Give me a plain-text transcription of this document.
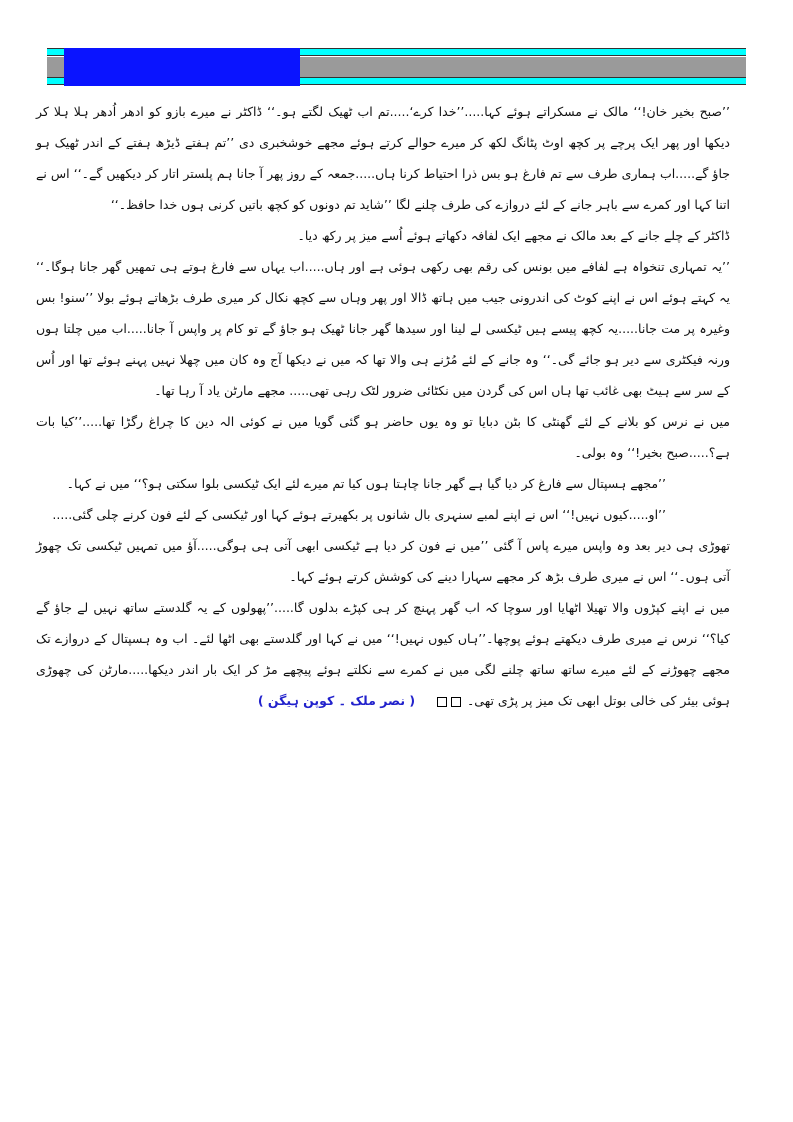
’’صبح بخیر خان!‘‘ مالک نے مسکراتے ہوئے کہا.....’’خدا کرے‘.....تم اب ٹھیک لگتے ہو۔‘‘ ڈاکٹر نے میرے بازو کو ادھر اُدھر ہلا ہلا کر دیکھا اور پھر ایک پرچے پر کچھ اوٹ پٹانگ لکھ کر میرے حوالے کرتے ہوئے مجھے خوشخبری دی ’’تم ہفتے ڈیڑھ ہفتے کے اندر ٹھیک ہو جاؤ گے.....اب ہماری طرف سے تم فارغ ہو بس ذرا احتیاط کرنا ہاں.....جمعہ کے روز پھر آ جانا ہم پلستر اتار کر دیکھیں گے۔‘‘ اس نے اتنا کہا اور کمرے سے باہر جانے کے لئے دروازے کی طرف چلنے لگا ’’شاید تم دونوں کو کچھ باتیں کرنی ہوں خدا حافظ۔‘‘

ڈاکٹر کے چلے جانے کے بعد مالک نے مجھے ایک لفافہ دکھاتے ہوئے اُسے میز پر رکھ دیا۔

’’یہ تمہاری تنخواہ ہے لفافے میں بونس کی رقم بھی رکھی ہوئی ہے اور ہاں.....اب یہاں سے فارغ ہوتے ہی تمھیں گھر جانا ہوگا۔‘‘ یہ کہتے ہوئے اس نے اپنے کوٹ کی اندرونی جیب میں ہاتھ ڈالا اور پھر وہاں سے کچھ نکال کر میری طرف بڑھاتے ہوئے بولا ’’سنو! بس وغیرہ پر مت جانا.....یہ کچھ پیسے ہیں ٹیکسی لے لینا اور سیدھا گھر جانا ٹھیک ہو جاؤ گے تو کام پر واپس آ جانا.....اب میں چلتا ہوں ورنہ فیکٹری سے دیر ہو جائے گی۔‘‘ وہ جانے کے لئے مُڑنے ہی والا تھا کہ میں نے دیکھا آج وہ کان میں چھلا نہیں پہنے ہوئے تھا اور اُس کے سر سے ہیٹ بھی غائب تھا ہاں اس کی گردن میں نکٹائی ضرور لٹک رہی تھی..... مجھے مارٹن یاد آ رہا تھا۔

میں نے نرس کو بلانے کے لئے گھنٹی کا بٹن دبایا تو وہ یوں حاضر ہو گئی گویا میں نے کوئی الہ دین کا چراغ رگڑا تھا.....’’کیا بات ہے؟.....صبح بخیر!‘‘ وہ بولی۔

’’مجھے ہسپتال سے فارغ کر دیا گیا ہے گھر جانا چاہتا ہوں کیا تم میرے لئے ایک ٹیکسی بلوا سکتی ہو؟‘‘ میں نے کہا۔

’’او.....کیوں نہیں!‘‘ اس نے اپنے لمبے سنہری بال شانوں پر بکھیرتے ہوئے کہا اور ٹیکسی کے لئے فون کرنے چلی گئی.....

تھوڑی ہی دیر بعد وہ واپس میرے پاس آ گئی ’’میں نے فون کر دیا ہے ٹیکسی ابھی آتی ہی ہوگی.....آؤ میں تمہیں ٹیکسی تک چھوڑ آتی ہوں۔‘‘ اس نے میری طرف بڑھ کر مجھے سہارا دینے کی کوشش کرتے ہوئے کہا۔

میں نے اپنے کپڑوں والا تھیلا اٹھایا اور سوچا کہ اب گھر پہنچ کر ہی کپڑے بدلوں گا.....’’پھولوں کے یہ گلدستے ساتھ نہیں لے جاؤ گے کیا؟‘‘ نرس نے میری طرف دیکھتے ہوئے پوچھا۔’’ہاں کیوں نہیں!‘‘ میں نے کہا اور گلدستے بھی اٹھا لئے۔ اب وہ ہسپتال کے دروازے تک مجھے چھوڑنے کے لئے میرے ساتھ ساتھ چلنے لگی میں نے کمرے سے نکلتے ہوئے پیچھے مڑ کر ایک بار اندر دیکھا.....مارٹن کی چھوڑی ہوئی بیئر کی خالی بوتل ابھی تک میز پر پڑی تھی۔      ( نصر ملک ۔ کوپن ہیگن )
